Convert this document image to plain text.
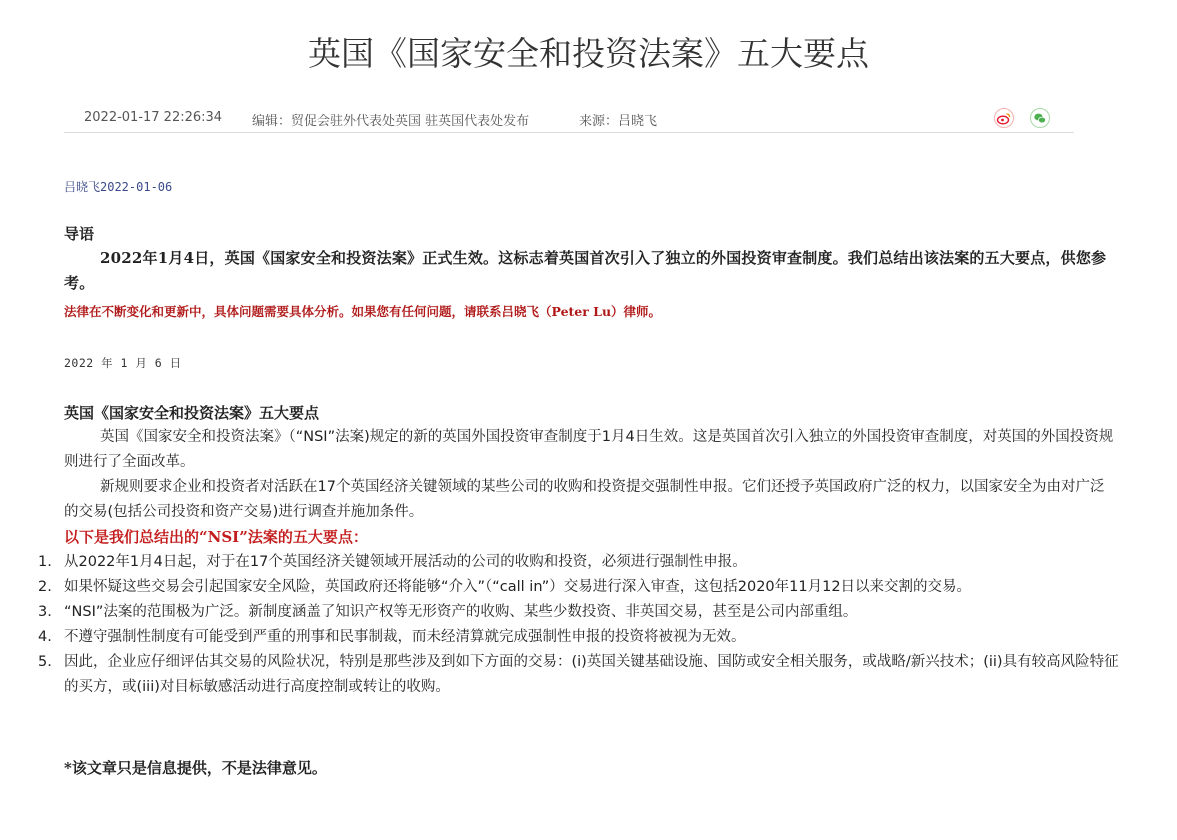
英国《国家安全和投资法案》五大要点
2022-01-17 22:26:34 编辑：贸促会驻外代表处英国 驻英国代表处发布	来源：吕晓飞
吕晓飞2022-01-06
导语
2022年1月4日，英国《国家安全和投资法案》正式生效。这标志着英国首次引入了独立的外国投资审查制度。我们总结出该法案的五大要点，供您参考。
法律在不断变化和更新中，具体问题需要具体分析。如果您有任何问题，请联系吕晓飞（Peter Lu）律师。
2022 年 1 月 6 日
英国《国家安全和投资法案》五大要点
英国《国家安全和投资法案》（“NSI”法案)规定的新的英国外国投资审查制度于1月4日生效。这是英国首次引入独立的外国投资审查制度，对英国的外国投资规则进行了全面改革。
新规则要求企业和投资者对活跃在17个英国经济关键领域的某些公司的收购和投资提交强制性申报。它们还授予英国政府广泛的权力，以国家安全为由对广泛的交易(包括公司投资和资产交易)进行调查并施加条件。
以下是我们总结出的“NSI”法案的五大要点：
1. 从2022年1月4日起，对于在17个英国经济关键领域开展活动的公司的收购和投资，必须进行强制性申报。
2. 如果怀疑这些交易会引起国家安全风险，英国政府还将能够“介入”（“call in”）交易进行深入审查，这包括2020年11月12日以来交割的交易。
3. “NSI”法案的范围极为广泛。新制度涵盖了知识产权等无形资产的收购、某些少数投资、非英国交易，甚至是公司内部重组。
4. 不遵守强制性制度有可能受到严重的刑事和民事制裁，而未经清算就完成强制性申报的投资将被视为无效。
5. 因此，企业应仔细评估其交易的风险状况，特别是那些涉及到如下方面的交易：(i)英国关键基础设施、国防或安全相关服务，或战略/新兴技术；(ii)具有较高风险特征的买方，或(iii)对目标敏感活动进行高度控制或转让的收购。
*该文章只是信息提供，不是法律意见。
